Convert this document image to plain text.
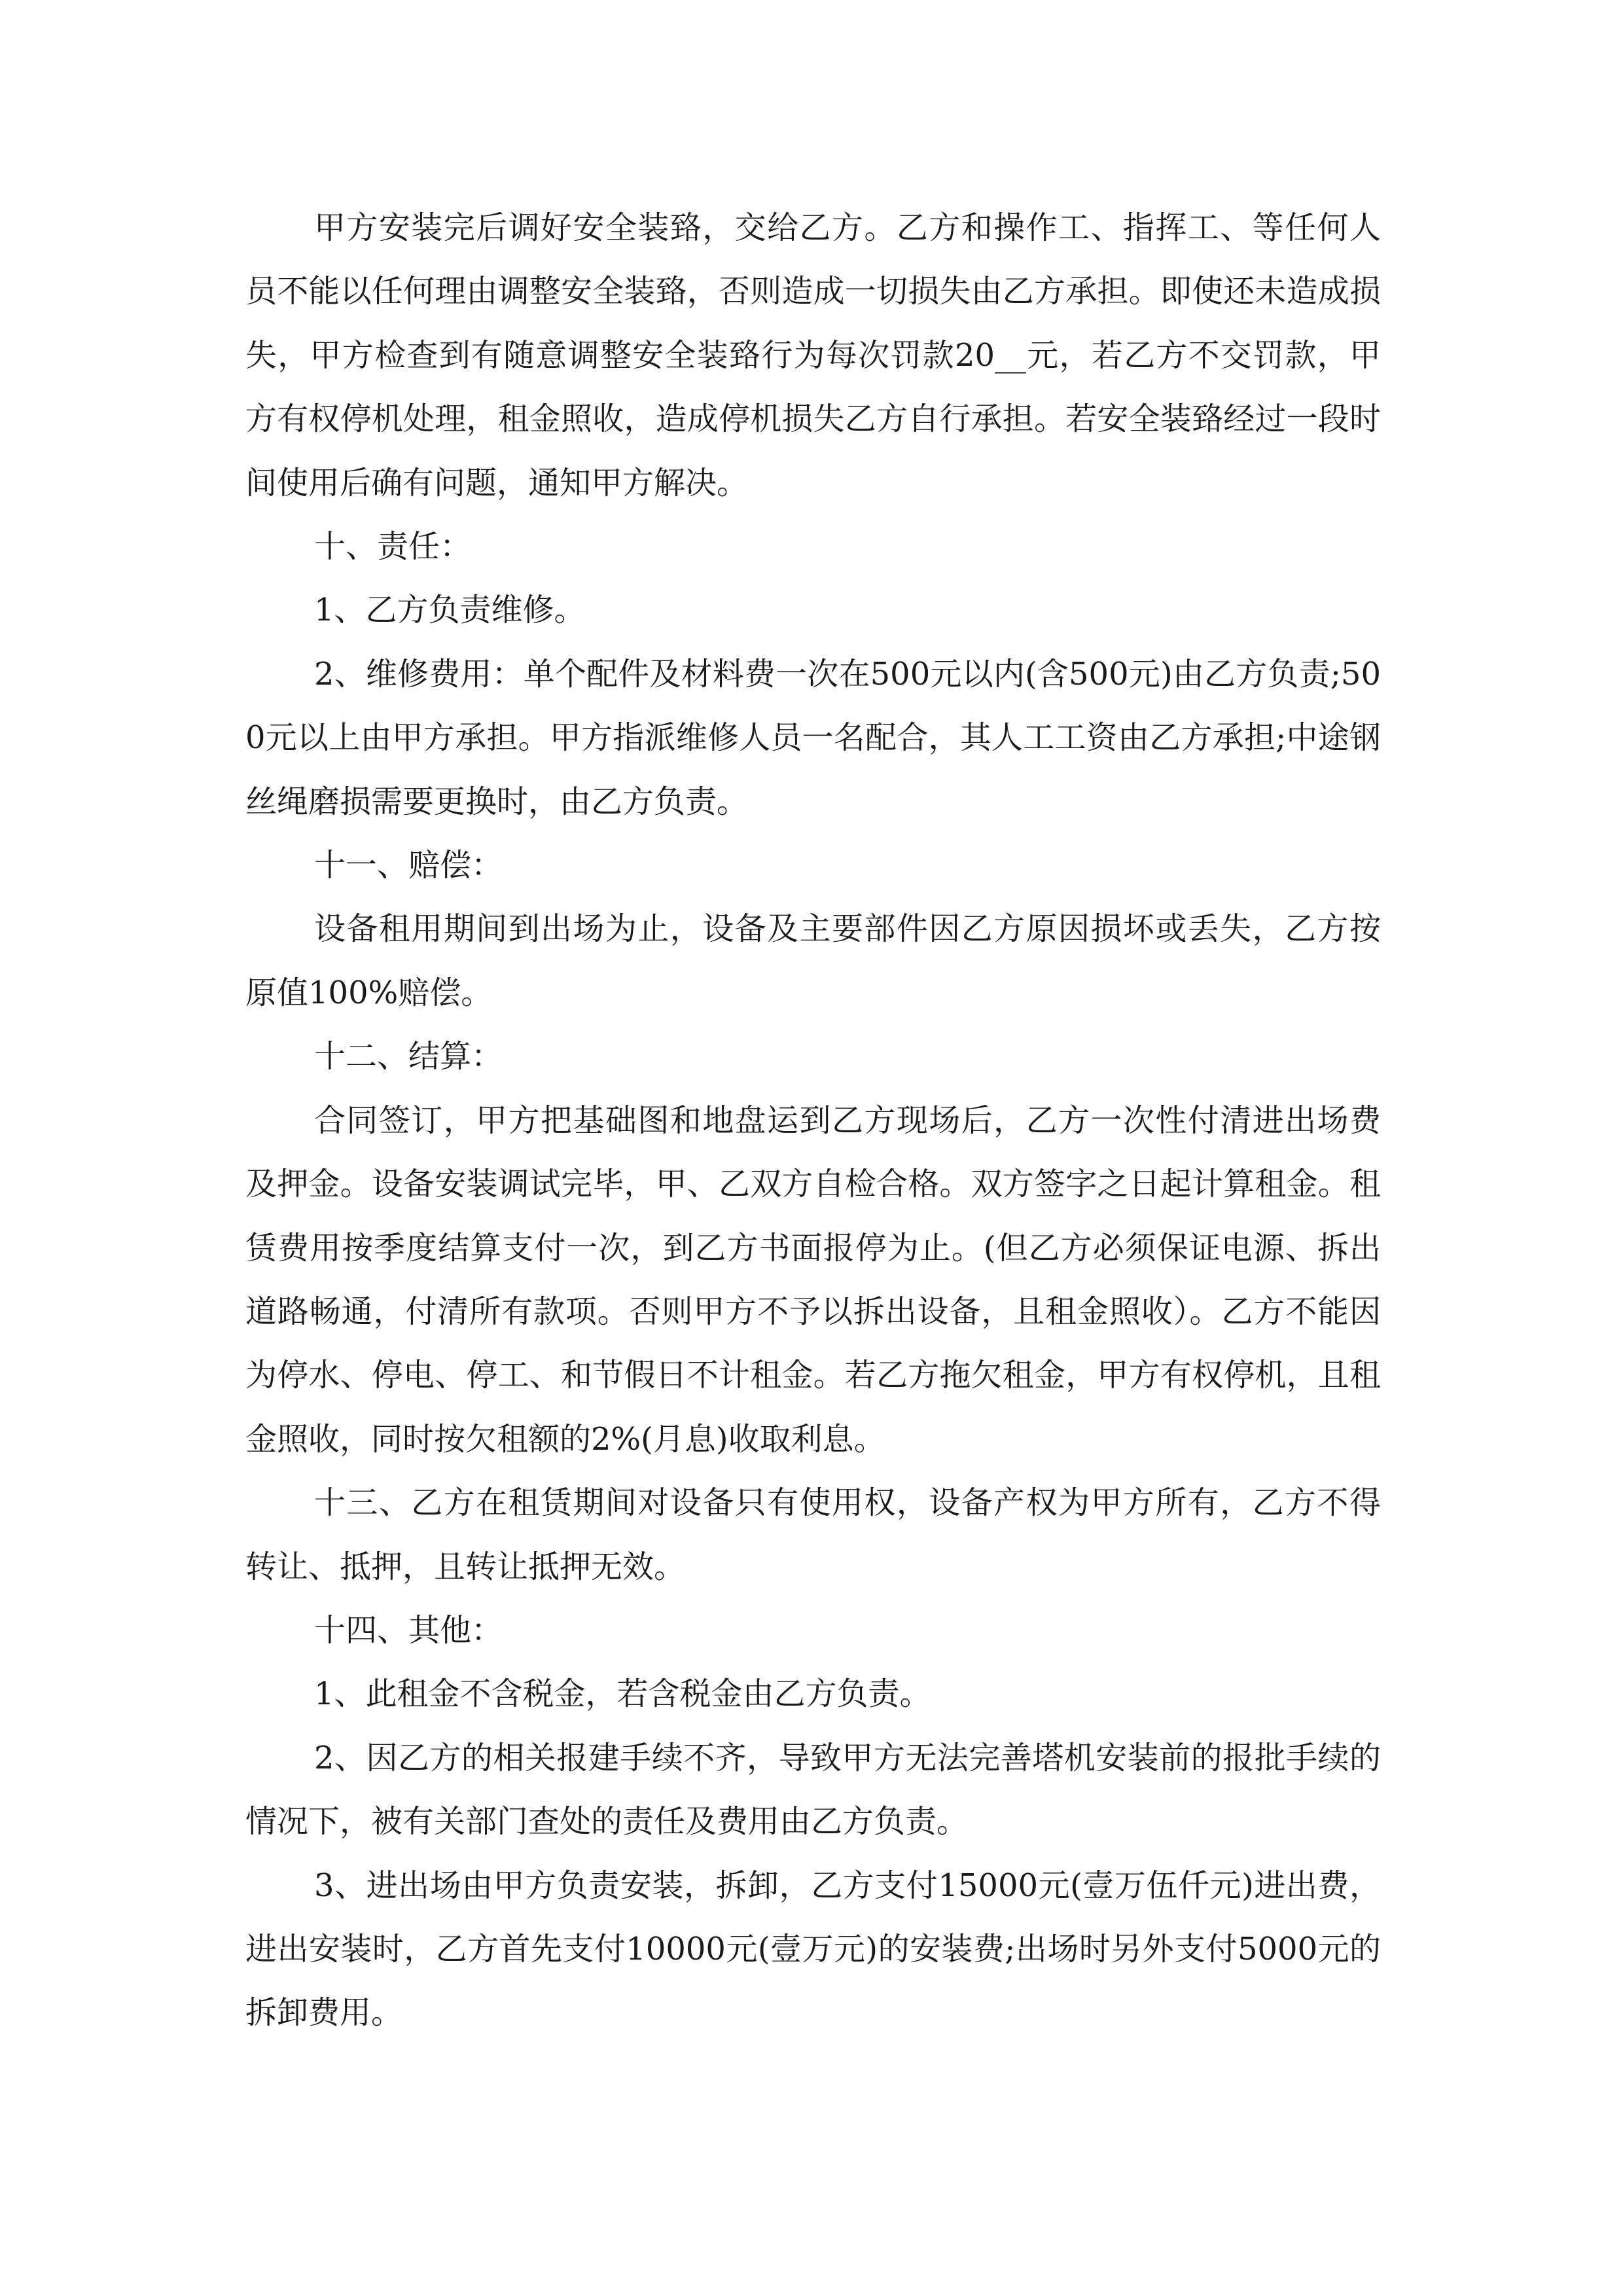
甲方安装完后调好安全装臵，交给乙方。乙方和操作工、指挥工、等任何人员不能以任何理由调整安全装臵，否则造成一切损失由乙方承担。即使还未造成损失，甲方检查到有随意调整安全装臵行为每次罚款20__元，若乙方不交罚款，甲方有权停机处理，租金照收，造成停机损失乙方自行承担。若安全装臵经过一段时间使用后确有问题，通知甲方解决。

十、责任：

1、乙方负责维修。

2、维修费用：单个配件及材料费一次在500元以内(含500元)由乙方负责;500元以上由甲方承担。甲方指派维修人员一名配合，其人工工资由乙方承担;中途钢丝绳磨损需要更换时，由乙方负责。

十一、赔偿：

设备租用期间到出场为止，设备及主要部件因乙方原因损坏或丢失，乙方按原值100%赔偿。

十二、结算：

合同签订，甲方把基础图和地盘运到乙方现场后，乙方一次性付清进出场费及押金。设备安装调试完毕，甲、乙双方自检合格。双方签字之日起计算租金。租赁费用按季度结算支付一次，到乙方书面报停为止。(但乙方必须保证电源、拆出道路畅通，付清所有款项。否则甲方不予以拆出设备，且租金照收）。乙方不能因为停水、停电、停工、和节假日不计租金。若乙方拖欠租金，甲方有权停机，且租金照收，同时按欠租额的2%(月息)收取利息。

十三、乙方在租赁期间对设备只有使用权，设备产权为甲方所有，乙方不得转让、抵押，且转让抵押无效。

十四、其他：

1、此租金不含税金，若含税金由乙方负责。

2、因乙方的相关报建手续不齐，导致甲方无法完善塔机安装前的报批手续的情况下，被有关部门查处的责任及费用由乙方负责。

3、进出场由甲方负责安装，拆卸，乙方支付15000元(壹万伍仟元)进出费，进出安装时，乙方首先支付10000元(壹万元)的安装费;出场时另外支付5000元的拆卸费用。
